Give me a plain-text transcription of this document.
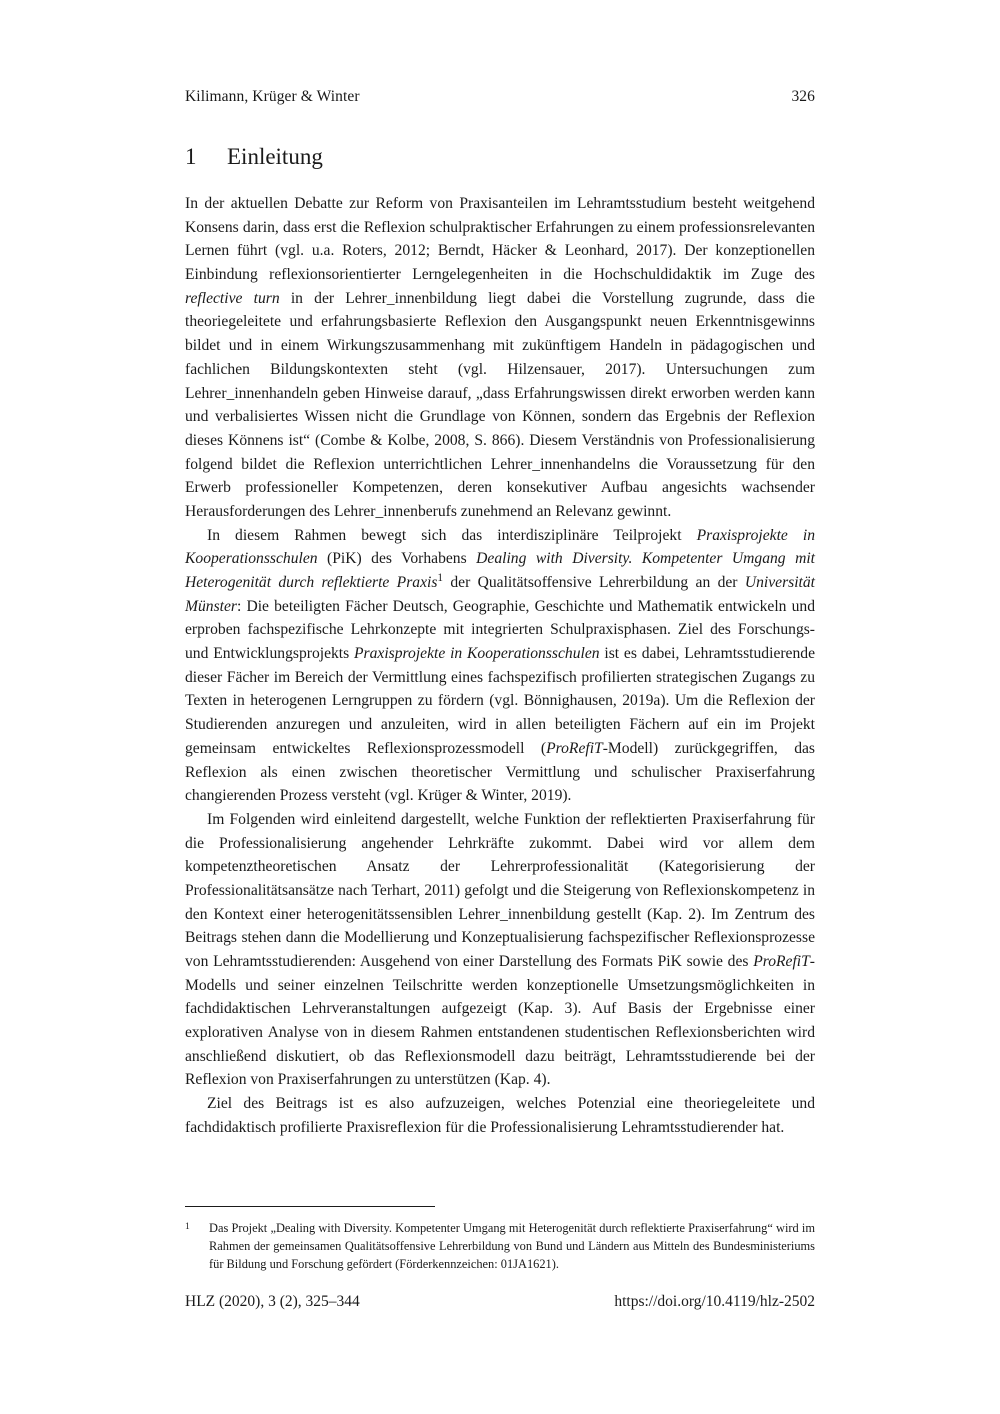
Kilimann, Krüger & Winter	326
1	Einleitung

In der aktuellen Debatte zur Reform von Praxisanteilen im Lehramtsstudium besteht weitgehend Konsens darin, dass erst die Reflexion schulpraktischer Erfahrungen zu einem professionsrelevanten Lernen führt (vgl. u.a. Roters, 2012; Berndt, Häcker & Leonhard, 2017). Der konzeptionellen Einbindung reflexionsorientierter Lerngelegenheiten in die Hochschuldidaktik im Zuge des reflective turn in der Lehrer_innenbildung liegt dabei die Vorstellung zugrunde, dass die theoriegeleitete und erfahrungsbasierte Reflexion den Ausgangspunkt neuen Erkenntnisgewinns bildet und in einem Wirkungszusammenhang mit zukünftigem Handeln in pädagogischen und fachlichen Bildungskontexten steht (vgl. Hilzensauer, 2017). Untersuchungen zum Lehrer_innenhandeln geben Hinweise darauf, „dass Erfahrungswissen direkt erworben werden kann und verbalisiertes Wissen nicht die Grundlage von Können, sondern das Ergebnis der Reflexion dieses Könnens ist“ (Combe & Kolbe, 2008, S. 866). Diesem Verständnis von Professionalisierung folgend bildet die Reflexion unterrichtlichen Lehrer_innenhandelns die Voraussetzung für den Erwerb professioneller Kompetenzen, deren konsekutiver Aufbau angesichts wachsender Herausforderungen des Lehrer_innenberufs zunehmend an Relevanz gewinnt.

In diesem Rahmen bewegt sich das interdisziplinäre Teilprojekt Praxisprojekte in Kooperationsschulen (PiK) des Vorhabens Dealing with Diversity. Kompetenter Umgang mit Heterogenität durch reflektierte Praxis$^1$ der Qualitätsoffensive Lehrerbildung an der Universität Münster: Die beteiligten Fächer Deutsch, Geographie, Geschichte und Mathematik entwickeln und erproben fachspezifische Lehrkonzepte mit integrierten Schulpraxisphasen. Ziel des Forschungs- und Entwicklungsprojekts Praxisprojekte in Kooperationsschulen ist es dabei, Lehramtsstudierende dieser Fächer im Bereich der Vermittlung eines fachspezifisch profilierten strategischen Zugangs zu Texten in heterogenen Lerngruppen zu fördern (vgl. Bönnighausen, 2019a). Um die Reflexion der Studierenden anzuregen und anzuleiten, wird in allen beteiligten Fächern auf ein im Projekt gemeinsam entwickeltes Reflexionsprozessmodell (ProRefiT-Modell) zurückgegriffen, das Reflexion als einen zwischen theoretischer Vermittlung und schulischer Praxiserfahrung changierenden Prozess versteht (vgl. Krüger & Winter, 2019).

Im Folgenden wird einleitend dargestellt, welche Funktion der reflektierten Praxiserfahrung für die Professionalisierung angehender Lehrkräfte zukommt. Dabei wird vor allem dem kompetenztheoretischen Ansatz der Lehrerprofessionalität (Kategorisierung der Professionalitätsansätze nach Terhart, 2011) gefolgt und die Steigerung von Reflexionskompetenz in den Kontext einer heterogenitätssensiblen Lehrer_innenbildung gestellt (Kap. 2). Im Zentrum des Beitrags stehen dann die Modellierung und Konzeptualisierung fachspezifischer Reflexionsprozesse von Lehramtsstudierenden: Ausgehend von einer Darstellung des Formats PiK sowie des ProRefiT-Modells und seiner einzelnen Teilschritte werden konzeptionelle Umsetzungsmöglichkeiten in fachdidaktischen Lehrveranstaltungen aufgezeigt (Kap. 3). Auf Basis der Ergebnisse einer explorativen Analyse von in diesem Rahmen entstandenen studentischen Reflexionsberichten wird anschließend diskutiert, ob das Reflexionsmodell dazu beiträgt, Lehramtsstudierende bei der Reflexion von Praxiserfahrungen zu unterstützen (Kap. 4).

Ziel des Beitrags ist es also aufzuzeigen, welches Potenzial eine theoriegeleitete und fachdidaktisch profilierte Praxisreflexion für die Professionalisierung Lehramtsstudierender hat.

1	Das Projekt „Dealing with Diversity. Kompetenter Umgang mit Heterogenität durch reflektierte Praxiserfahrung“ wird im Rahmen der gemeinsamen Qualitätsoffensive Lehrerbildung von Bund und Ländern aus Mitteln des Bundesministeriums für Bildung und Forschung gefördert (Förderkennzeichen: 01JA1621).
HLZ (2020), 3 (2), 325–344	https://doi.org/10.4119/hlz-2502
